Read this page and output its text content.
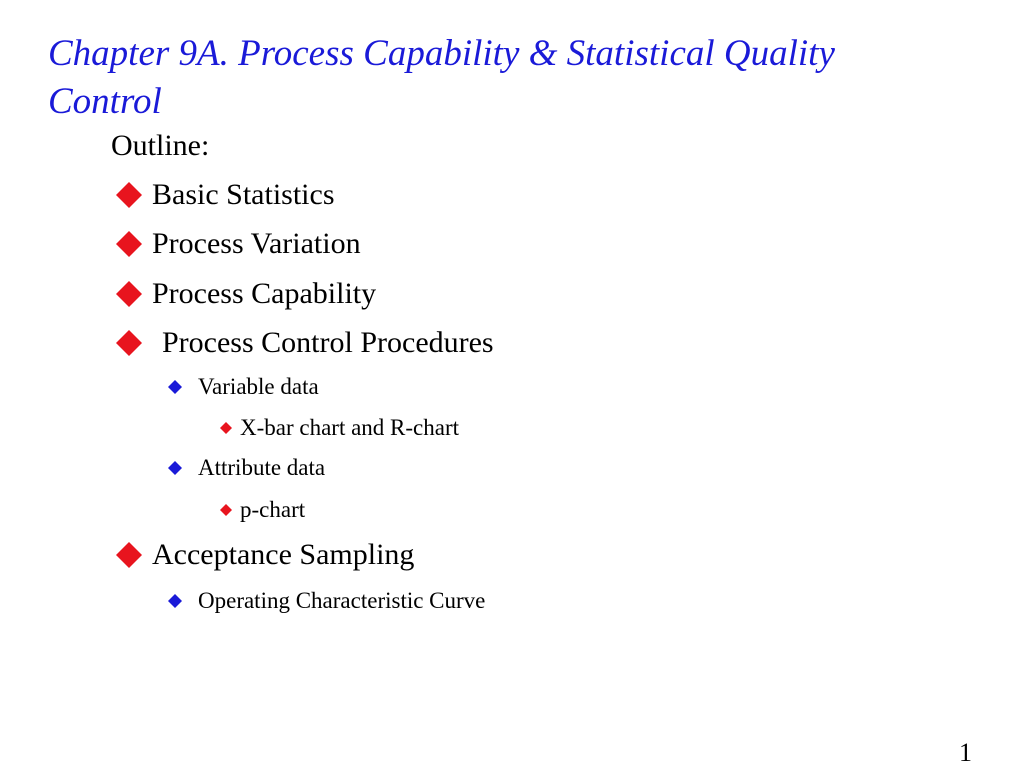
Chapter 9A. Process Capability & Statistical Quality Control
Outline:
Basic Statistics
Process Variation
Process Capability
Process Control Procedures
Variable data
X-bar chart and R-chart
Attribute data
p-chart
Acceptance Sampling
Operating Characteristic Curve
1
